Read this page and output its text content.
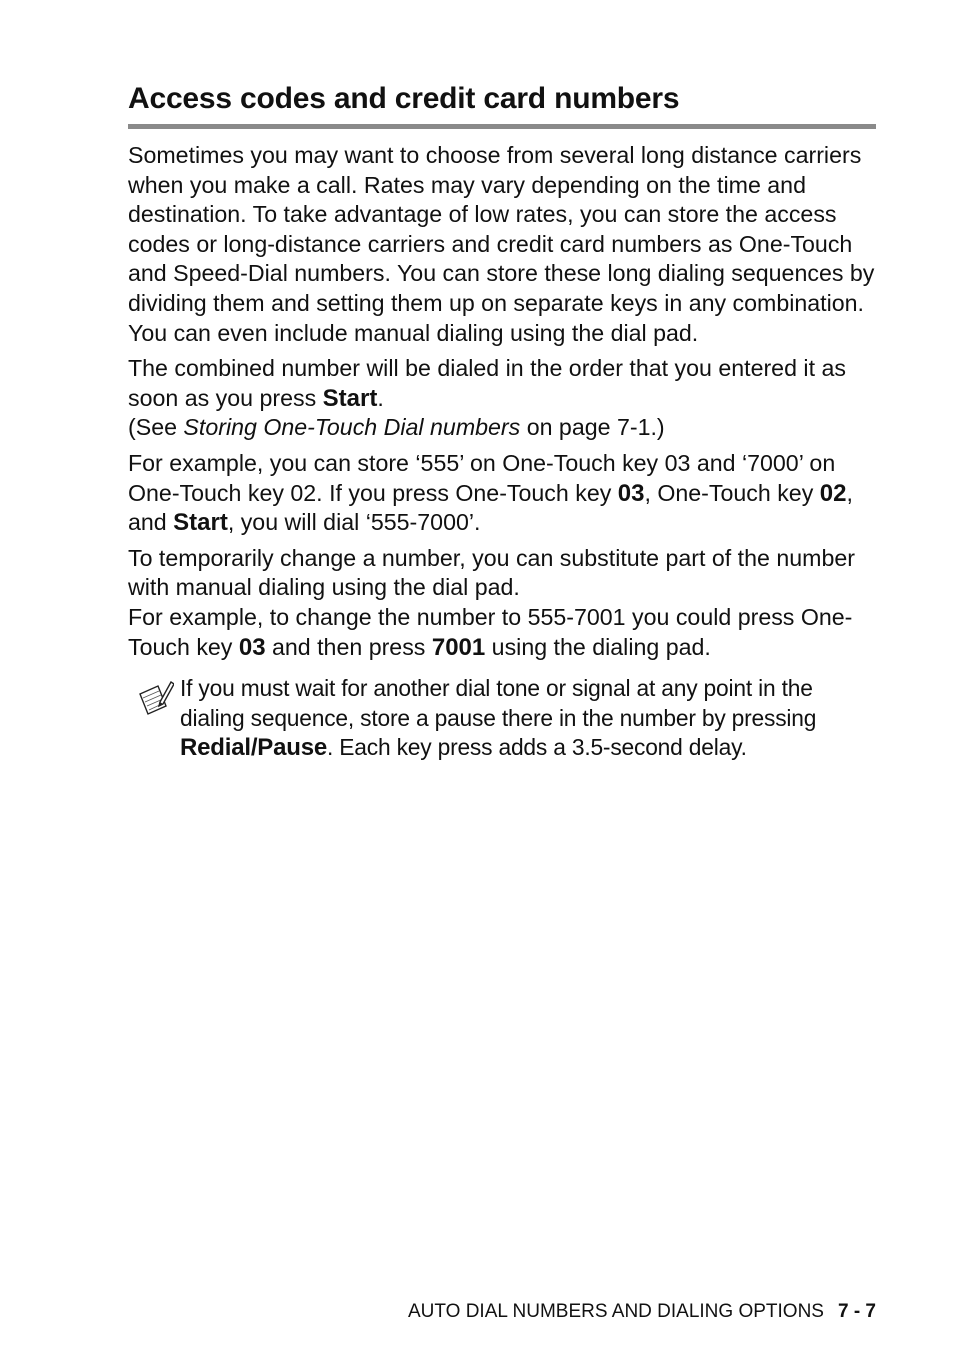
Access codes and credit card numbers

Sometimes you may want to choose from several long distance carriers when you make a call. Rates may vary depending on the time and destination. To take advantage of low rates, you can store the access codes or long-distance carriers and credit card numbers as One-Touch and Speed-Dial numbers. You can store these long dialing sequences by dividing them and setting them up on separate keys in any combination. You can even include manual dialing using the dial pad.

The combined number will be dialed in the order that you entered it as soon as you press Start.
(See Storing One-Touch Dial numbers on page 7-1.)

For example, you can store ‘555’ on One-Touch key 03 and ‘7000’ on One-Touch key 02. If you press One-Touch key 03, One-Touch key 02, and Start, you will dial ‘555-7000’.

To temporarily change a number, you can substitute part of the number with manual dialing using the dial pad.
For example, to change the number to 555-7001 you could press One-Touch key 03 and then press 7001 using the dialing pad.

If you must wait for another dial tone or signal at any point in the dialing sequence, store a pause there in the number by pressing Redial/Pause. Each key press adds a 3.5-second delay.

AUTO DIAL NUMBERS AND DIALING OPTIONS 7 - 7
